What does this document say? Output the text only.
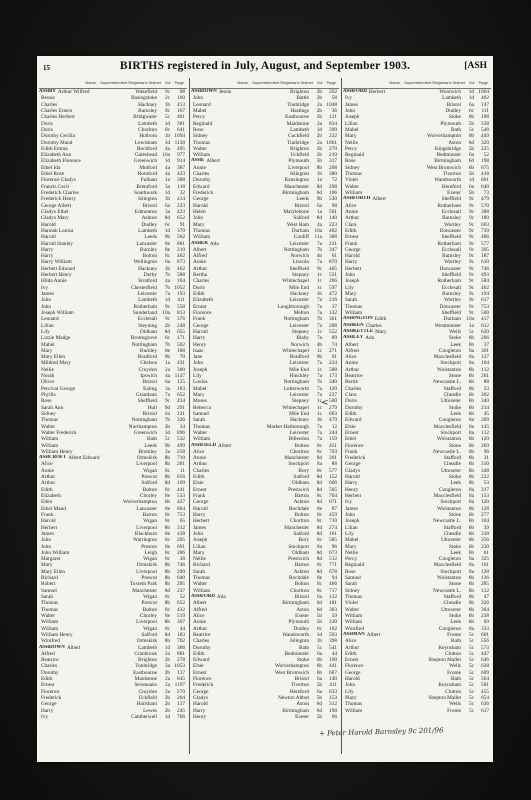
15	BIRTHS registered in July, August, and September 1903.	[ASH
Name. Superintendent Registrar's District. Vol. Page.
ASHBY Arthur Wilfred	Wakefield	9c	98
Bessie	Basingstoke	2c	160
Charles	Hackney	1b	413
Charles Ernest	Barnsley	9c	167
Charles Herbert	Bridgwater	5c	401
Doris	Lambeth	1d	381
Doris	Chorlton	8c	641
Dorothy Cecilia	Holborn	1b 1094
Dorothy Maud	Lewisham	1d 1138
Edith Emma	Rochford	4a	495
Elizabeth Ann	Gateshead	10a	977
Elizabeth Florence	Greenwich	1d	914
Ethel Ida	Mutford	4a	387
Ethel Rose	Romford	4a	423
Florence Gladys	Fulham	1a	308
Francis Cecil	Brentford	3a	118
Frederick Charles	Southwark	1d	32
Frederick Henry	Islington	1b	414
George Albert	Bristol	6a	223
Gladys Ethel	Edmonton	3a	423
Gladys Mary	Ashton	8d	652
Harold	Dudley	6c	91
Hannah Louisa	Lambeth	1d	370
Harold	Leeds	9b	562
Harold Stanley	Lancaster	8e	881
Harry	Burnley	8e	210
Harry	Bolton	8c	462
Harry William	Wellington	6a	873
Herbert Edward	Hackney	1b	462
Herbert Henry	Derby	7b	588
Hilda Annie	Stratford	4a	164
Ivy	Chesterfield	7b 1052
James	Leicester	7a	193
John	Lambeth	1d	411
John	Rotherham	9c	558
Joseph William	Sunderland	10a	813
Leonard	Ecclesall	9c	376
Lilian	Steyning	2b	248
Lily	Oldham	8d	655
Lizzie Madge	Bromsgrove	6c	171
Mabel	Nottingham	7b	502
Mary	Burnley	8e	188
Mary Ellen	Bradford	9b	70
Mildred Mary	Chelsea	1a	431
Nellie	Croydon	2a	300
Norah	Ipswich	4a 1147
Oliver	Bristol	6a	125
Percival George	Ealing	3a	183
Phyllis	Grantham	7a	652
Rose	Sheffield	9c	434
Sarah Ann	Hull	9d	291
Sidney	Bristol	6a	121
Thomas	Nottingham	7b	326
Walter	Northampton	3b	34
Walter Frederick	Greenwich	1d	896
William	Bath	5c	532
William	Leeds	9b	499
William Henry	Bromley	2a	258
ASHCROFT Albert Edward	Ormskirk	8b	710
Alice	Liverpool	8b	281
Annie	Wigan	8c	11
Arthur	Prescot	8b	656
Arthur	Salford	8d	169
Edith	Bolton	8c	441
Elizabeth	Chorley	8e	533
Ellen	Wolverhampton	6b	427
Ethel Maud	Lancaster	8e	864
Frank	Barton	8c	753
Harold	Wigan	8c	65
Herbert	Liverpool	8b	312
James	Blackburn	8e	438
John	Warrington	8c	205
John	Preston	8e	691
John William	Leigh	8c	286
Margaret	Wigan	8c	38
Mary	Ormskirk	8b	746
Mary Ellen	Liverpool	8b	290
Richard	Prescot	8b	640
Robert	Toxteth Park	8b	395
Samuel	Manchester	8d	237
Sarah	Wigan	8c	52
Thomas	Prescot	8b	652
Thomas	Bolton	8c	432
Walter	Chorley	8e	519
William	Liverpool	8b	307
William	Wigan	8c	44
William Henry	Salford	8d	183
Winifred	Ormskirk	8b	702
ASHDOWN Albert	Lambeth	1d	366
Alfred	Cranbrook	2a	881
Beatrice	Brighton	2b	278
Charles	Tonbridge	2a 1053
Dorothy	Eastbourne	2b	117
Edith	Maidstone	2a	845
Ernest	Sevenoaks	2a 1197
Florence	Croydon	2a	270
Frederick	Uckfield	2b	204
George	Hailsham	2b	137
Harry	Lewes	2b	245
Ivy	Camberwell	1d	766
Name. Superintendent Registrar's District. Vol. Page.
ASHDOWN Jessie	Brighton	2b	262
John	Battle	2b	58
Leonard	Tonbridge	2a 1048
Mabel	Hastings	2b	36
Percy	Eastbourne	2b	121
Reginald	Maidstone	2a	834
Rose	Lambeth	1d	390
Sidney	Cuckfield	2b	232
Thomas	Tunbridge	2a 1061
Walter	Brighton	2b	270
William	Uckfield	2b	210
ASHE Albert	Plymouth	5b	317
Annie	Liverpool	8b	268
Charles	Islington	1b	380
Dorothy	Kensington	1a	72
Edward	Manchester	8d	298
Frederick	Birmingham	6d	166
George	Leeds	9b	530
Harold	Bristol	6a	98
Helen	Marylebone	1a	501
John	Salford	8d	140
Mary	West Ham	4a	223
Thomas	Durham	10a	402
William	Cardiff	11a	388
ASHER Ada	Leicester	7a	231
Albert	Nottingham	7b	347
Alfred	Norwich	4b	61
Annie	Lincoln	7a	870
Arthur	Sheffield	9c	465
Bertha	Stepney	1c	531
Charles	Whitechapel	1c	266
Doris	Mile End	1c	597
Edith	Hackney	1b	472
Elizabeth	Leicester	7a	216
Ernest	Loughborough	7a	37
Florence	Melton	7a	142
Frank	Nottingham	7b	361
George	Leicester	7a	208
Harold	Stepney	1c	552
Harry	Blaby	7a	89
Henry	Norwich	4b	74
Isaac	Whitechapel	1c	271
Jane	Bradford	9b	91
John	Leicester	7a	224
Joseph	Mile End	1c	588
Lily	Hinckley	7a	173
Louisa	Nottingham	7b	340
Mabel	Lutterworth	7a	120
Mary	Leicester	7a	237
Moses	Stepney	1c	560
Rebecca	Whitechapel	1c	279
Samuel	Mile End	1c	603
Sarah	Hackney	1b	479
Thomas	Market Harborough	7a	12
Walter	Leicester	7a	244
William	Billesdon	7a	159
ASHFIELD Albert	Bolton	8c	451
Alice	Chorlton	8c	703
Annie	Manchester	8d	261
Arthur	Stockport	8a	88
Charles	Bury	8c	577
Edith	Salford	8d	152
Elsie	Oldham	8d	666
Ernest	Prestwich	8d	505
Frank	Barton	8c	764
George	Ashton	8d	671
Harold	Rochdale	8e	87
Harry	Bolton	8c	459
Herbert	Chorlton	8c	710
James	Manchester	8d	274
John	Salford	8d	161
Joseph	Bury	8c	585
Lilian	Stockport	8a	96
Mary	Oldham	8d	673
Nellie	Prestwich	8d	512
Richard	Barton	8c	771
Sarah	Ashton	8d	678
Thomas	Rochdale	8e	94
Walter	Bolton	8c	466
William	Chorlton	8c	717
ASHFORD Ada	Bristol	6a	132
Albert	Birmingham	6d	181
Alfred	Aston	6d	303
Alice	Exeter	5b	59
Annie	Plymouth	5b	330
Arthur	Dudley	6c	102
Beatrice	Wandsworth	1d	593
Charles	Islington	1b	398
Dorothy	Bath	5c	541
Edith	Bedminster	6a	44
Edward	Stoke	6b	190
Elsie	Wolverhampton	6b	441
Ernest	West Bromwich	6b	667
Florence	Bristol	6a	140
Frederick	Tiverton	5b	411
George	Hereford	6a	633
Gladys	Newton Abbot	5b	153
Harold	Aston	6d	312
Harry	Birmingham	6d	190
Henry	Exeter	5b	66
Name. Superintendent Registrar's District. Vol. Page.
ASHFORD Herbert	Woolwich	1d 1004
Ivy	Lambeth	1d	402
James	Bristol	6a	147
John	Dudley	6c	111
Joseph	Stoke	6b	198
Lilian	Plymouth	5b	338
Mabel	Bath	5c	548
Mary	Wolverhampton	6b	449
Nellie	Aston	6d	320
Percy	Kingsbridge	5b	225
Reginald	Bedminster	6a	52
Rose	Birmingham	6d	198
Sidney	West Bromwich	6b	675
Thomas	Tiverton	5b	418
Violet	Wandsworth	1d	601
Walter	Hereford	6a	640
William	Exeter	5b	73
ASHFORTH Albert	Sheffield	9c	479
Alice	Rotherham	9c	570
Annie	Ecclesall	9c	388
Arthur	Barnsley	9c	180
Clara	Wortley	9c	603
Edith	Doncaster	9c	739
Ernest	Sheffield	9c	486
Frank	Rotherham	9c	577
George	Ecclesall	9c	395
Harold	Barnsley	9c	187
Harry	Wortley	9c	610
Herbert	Doncaster	9c	746
John	Sheffield	9c	493
Joseph	Rotherham	9c	584
Lily	Ecclesall	9c	402
Mary	Barnsley	9c	194
Sarah	Wortley	9c	617
Thomas	Doncaster	9c	753
William	Sheffield	9c	500
ASHINGTON Edith	Durham	10a	417
ASHKEN Charles	Westminster	1a	612
ASHKETTLE Mary	Wells	5c	620
ASHLEY Ada	Stoke	6b	206
Albert	Leek	6b	37
Alfred	Congleton	8a	301
Alice	Macclesfield	8a	137
Annie	Stockport	8a	104
Arthur	Wolstanton	6b	112
Beatrice	Stone	6b	261
Bertie	Newcastle L.	6b	88
Charles	Stafford	6b	23
Clara	Cheadle	6b	302
Doris	Uttoxeter	6b	340
Dorothy	Stoke	6b	214
Edith	Leek	6b	45
Edward	Congleton	8a	309
Elsie	Macclesfield	8a	145
Ernest	Stockport	8a	112
Ethel	Wolstanton	6b	120
Florence	Stone	6b	269
Frank	Newcastle L.	6b	96
Frederick	Stafford	6b	31
George	Cheadle	6b	310
Gladys	Uttoxeter	6b	348
Harold	Stoke	6b	222
Harry	Leek	6b	53
Henry	Congleton	8a	317
Herbert	Macclesfield	8a	153
Ivy	Stockport	8a	120
James	Wolstanton	6b	128
John	Stone	6b	277
Joseph	Newcastle L.	6b	104
Lilian	Stafford	6b	39
Lily	Cheadle	6b	318
Mabel	Uttoxeter	6b	356
Mary	Stoke	6b	230
Nellie	Leek	6b	61
Percy	Congleton	8a	325
Reginald	Macclesfield	8a	161
Rose	Stockport	8a	128
Samuel	Wolstanton	6b	136
Sarah	Stone	6b	285
Sidney	Newcastle L.	6b	112
Thomas	Stafford	6b	47
Violet	Cheadle	6b	326
Walter	Uttoxeter	6b	364
William	Stoke	6b	238
William	Leek	6b	69
Winifred	Congleton	8a	333
ASHMAN Albert	Frome	5c	601
Alice	Bath	5c	556
Arthur	Keynsham	5c	573
Edith	Clutton	5c	447
Ernest	Shepton Mallet	5c	646
Florence	Wells	5c	628
George	Frome	5c	609
Harold	Bath	5c	564
John	Keynsham	5c	581
Lily	Clutton	5c	455
Mary	Shepton Mallet	5c	654
Thomas	Wells	5c	636
William	Frome	5c	617
<
+ Peter Harold Barnsley 9c 201/96
